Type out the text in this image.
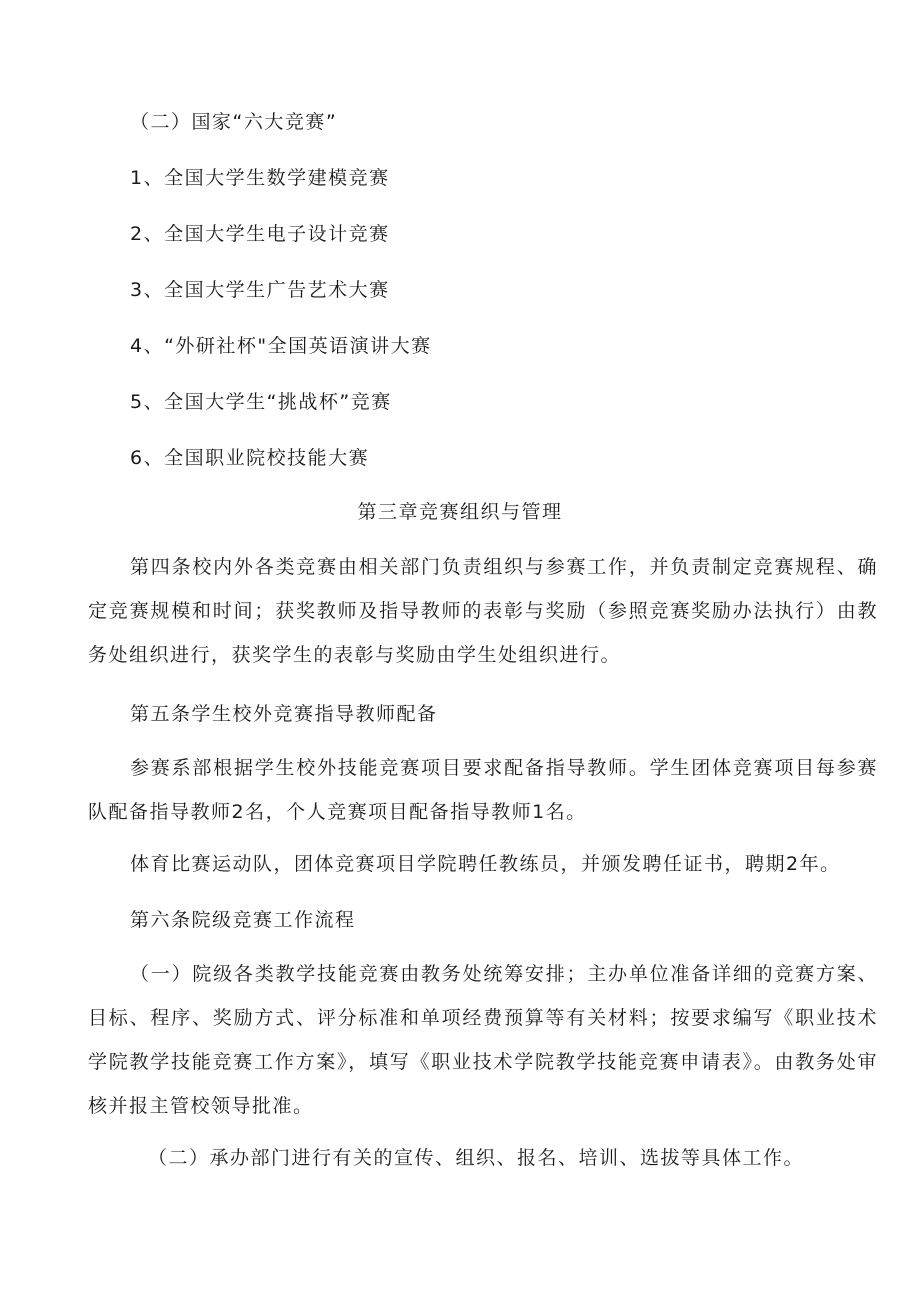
（二）国家“六大竞赛”
1、全国大学生数学建模竞赛
2、全国大学生电子设计竞赛
3、全国大学生广告艺术大赛
4、“外研社杯"全国英语演讲大赛
5、全国大学生“挑战杯”竞赛
6、全国职业院校技能大赛
第三章竞赛组织与管理
第四条校内外各类竞赛由相关部门负责组织与参赛工作，并负责制定竞赛规程、确定竞赛规模和时间；获奖教师及指导教师的表彰与奖励（参照竞赛奖励办法执行）由教务处组织进行，获奖学生的表彰与奖励由学生处组织进行。
第五条学生校外竞赛指导教师配备
参赛系部根据学生校外技能竞赛项目要求配备指导教师。学生团体竞赛项目每参赛队配备指导教师2名，个人竞赛项目配备指导教师1名。
体育比赛运动队，团体竞赛项目学院聘任教练员，并颁发聘任证书，聘期2年。
第六条院级竞赛工作流程
（一）院级各类教学技能竞赛由教务处统筹安排；主办单位准备详细的竞赛方案、目标、程序、奖励方式、评分标准和单项经费预算等有关材料；按要求编写《职业技术学院教学技能竞赛工作方案》，填写《职业技术学院教学技能竞赛申请表》。由教务处审核并报主管校领导批准。
（二）承办部门进行有关的宣传、组织、报名、培训、选拔等具体工作。
